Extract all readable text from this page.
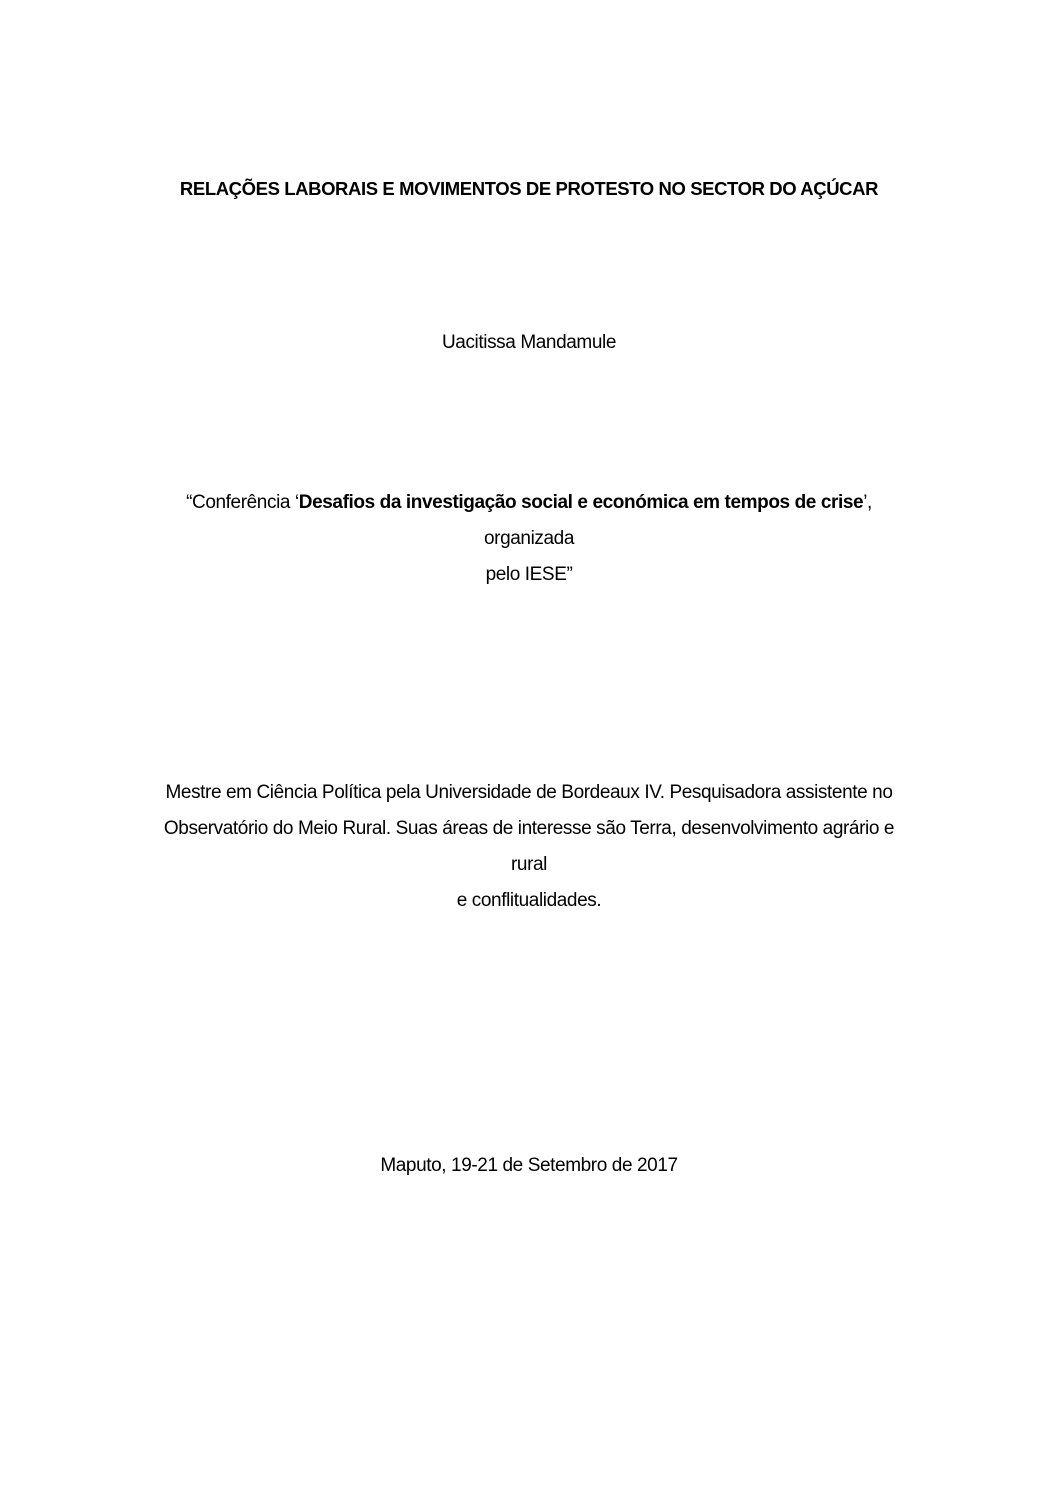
RELAÇÕES LABORAIS E MOVIMENTOS DE PROTESTO NO SECTOR DO AÇÚCAR
Uacitissa Mandamule
“Conferência ‘Desafios da investigação social e económica em tempos de crise’, organizada
pelo IESE”
Mestre em Ciência Política pela Universidade de Bordeaux IV. Pesquisadora assistente no
Observatório do Meio Rural. Suas áreas de interesse são Terra, desenvolvimento agrário e rural
e conflitualidades.
Maputo, 19-21 de Setembro de 2017
